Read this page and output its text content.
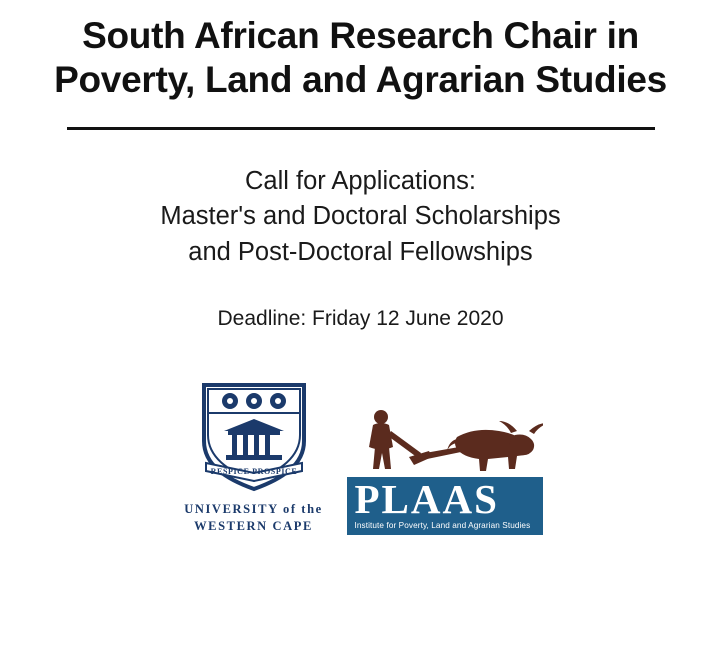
South African Research Chair in Poverty, Land and Agrarian Studies
Call for Applications:
Master's and Doctoral Scholarships
and Post-Doctoral Fellowships
Deadline: Friday 12 June 2020
RESPICE PROSPICE
UNIVERSITY of the
WESTERN CAPE
PLAAS
Institute for Poverty, Land and Agrarian Studies
